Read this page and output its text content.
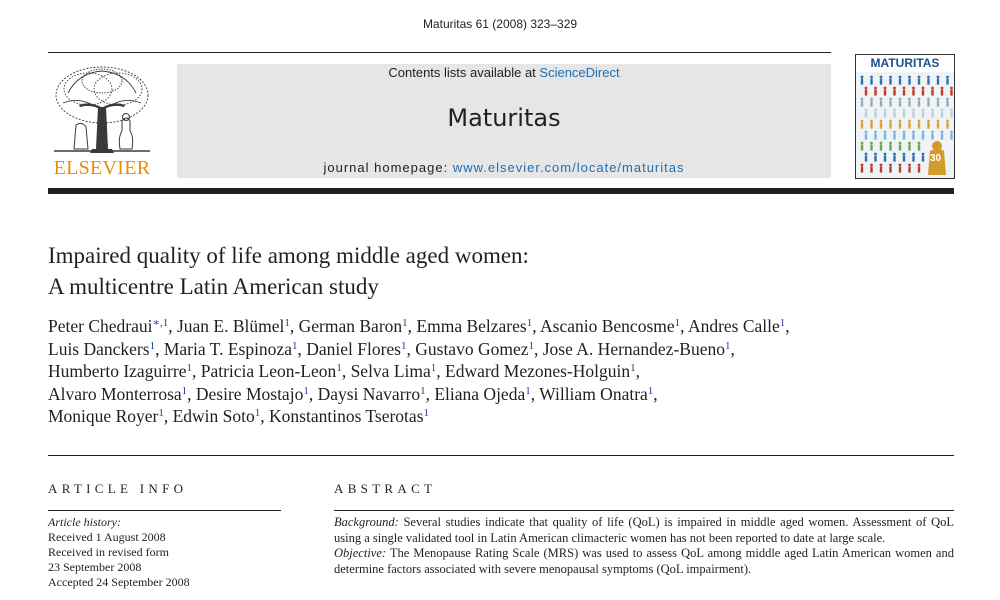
Maturitas 61 (2008) 323–329
ELSEVIER
Contents lists available at ScienceDirect
Maturitas
journal homepage: www.elsevier.com/locate/maturitas
MATURITAS
30
Impaired quality of life among middle aged women:
A multicentre Latin American study
Peter Chedraui$^{∗,1}$, Juan E. Blümel$^1$, German Baron$^1$, Emma Belzares$^1$, Ascanio Bencosme$^1$, Andres Calle$^1$,
Luis Danckers$^1$, Maria T. Espinoza$^1$, Daniel Flores$^1$, Gustavo Gomez$^1$, Jose A. Hernandez-Bueno$^1$,
Humberto Izaguirre$^1$, Patricia Leon-Leon$^1$, Selva Lima$^1$, Edward Mezones-Holguin$^1$,
Alvaro Monterrosa$^1$, Desire Mostajo$^1$, Daysi Navarro$^1$, Eliana Ojeda$^1$, William Onatra$^1$,
Monique Royer$^1$, Edwin Soto$^1$, Konstantinos Tserotas$^1$
ARTICLE INFO	ABSTRACT
Article history:
Received 1 August 2008
Received in revised form
23 September 2008
Accepted 24 September 2008

Background: Several studies indicate that quality of life (QoL) is impaired in middle aged women. Assessment of QoL using a single validated tool in Latin American climacteric women has not been reported to date at large scale.

Objective: The Menopause Rating Scale (MRS) was used to assess QoL among middle aged Latin American women and determine factors associated with severe menopausal symptoms (QoL impairment).
